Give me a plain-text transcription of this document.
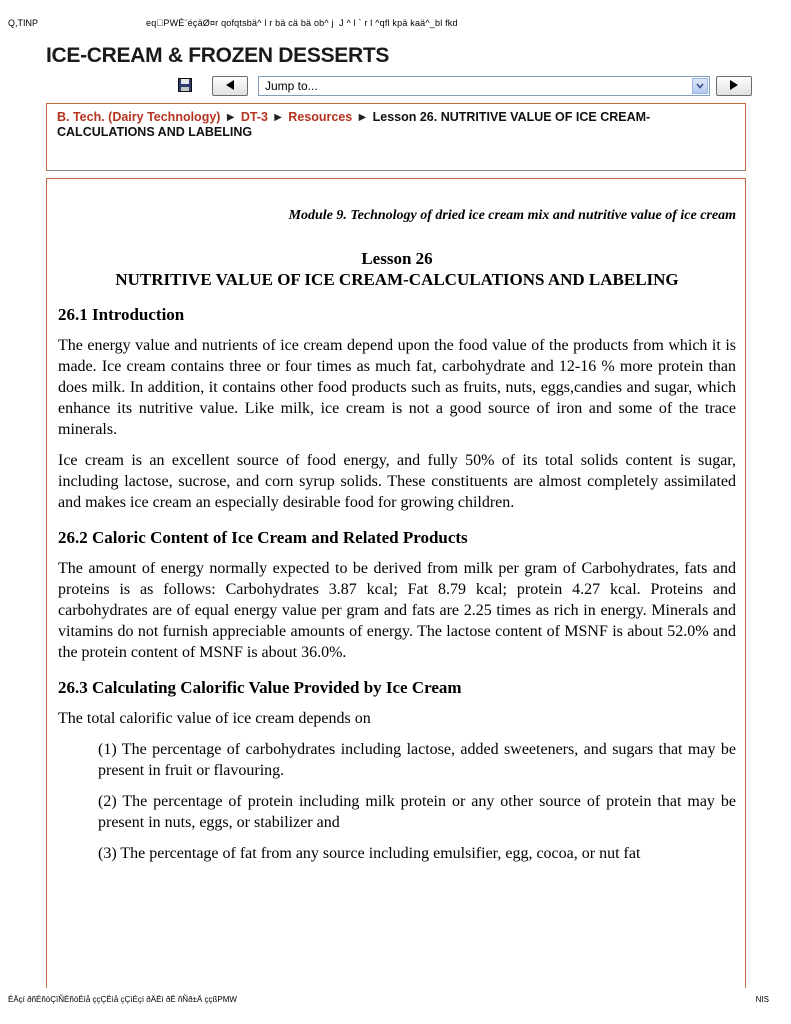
Q,TINP	eq PWÉ¨éçäØ¤r qofqtsbä^ l r bä cä bä ob^ j  J ^ l ` r l ^qfl kpä kaä^_bl fkd
ICE-CREAM & FROZEN DESSERTS
Jump to...
B. Tech. (Dairy Technology) ► DT-3 ► Resources ► Lesson 26. NUTRITIVE VALUE OF ICE CREAM-CALCULATIONS AND LABELING
Module 9. Technology of dried ice cream mix and nutritive value of ice cream
Lesson 26
NUTRITIVE VALUE OF ICE CREAM-CALCULATIONS AND LABELING
26.1 Introduction

The energy value and nutrients of ice cream depend upon the food value of the products from which it is made. Ice cream contains three or four times as much fat, carbohydrate and 12-16 % more protein than does milk. In addition, it contains other food products such as fruits, nuts, eggs,candies and sugar, which enhance its nutritive value. Like milk, ice cream is not a good source of iron and some of the trace minerals.

Ice cream is an excellent source of food energy, and fully 50% of its total solids content is sugar, including lactose, sucrose, and corn syrup solids. These constituents are almost completely assimilated and makes ice cream an especially desirable food for growing children.

26.2 Caloric Content of Ice Cream and Related Products

The amount of energy normally expected to be derived from milk per gram of Carbohydrates, fats and proteins is as follows: Carbohydrates 3.87 kcal; Fat 8.79 kcal; protein 4.27 kcal. Proteins and carbohydrates are of equal energy value per gram and fats are 2.25 times as rich in energy. Minerals and vitamins do not furnish appreciable amounts of energy. The lactose content of MSNF is about 52.0% and the protein content of MSNF is about 36.0%.

26.3 Calculating Calorific Value Provided by Ice Cream

The total calorific value of ice cream depends on

(1) The percentage of carbohydrates including lactose, added sweeteners, and sugars that may be present in fruit or flavouring.

(2) The percentage of protein including milk protein or any other source of protein that may be present in nuts, eggs, or stabilizer and

(3) The percentage of fat from any source including emulsifier, egg, cocoa, or nut fat

ÉÄçí ðñÉñöÇïÑÉñöÉìå ççÇÉìå çÇìÉçí ðÄËì ðË ñÑð±Ä ççßPMW	NIS
